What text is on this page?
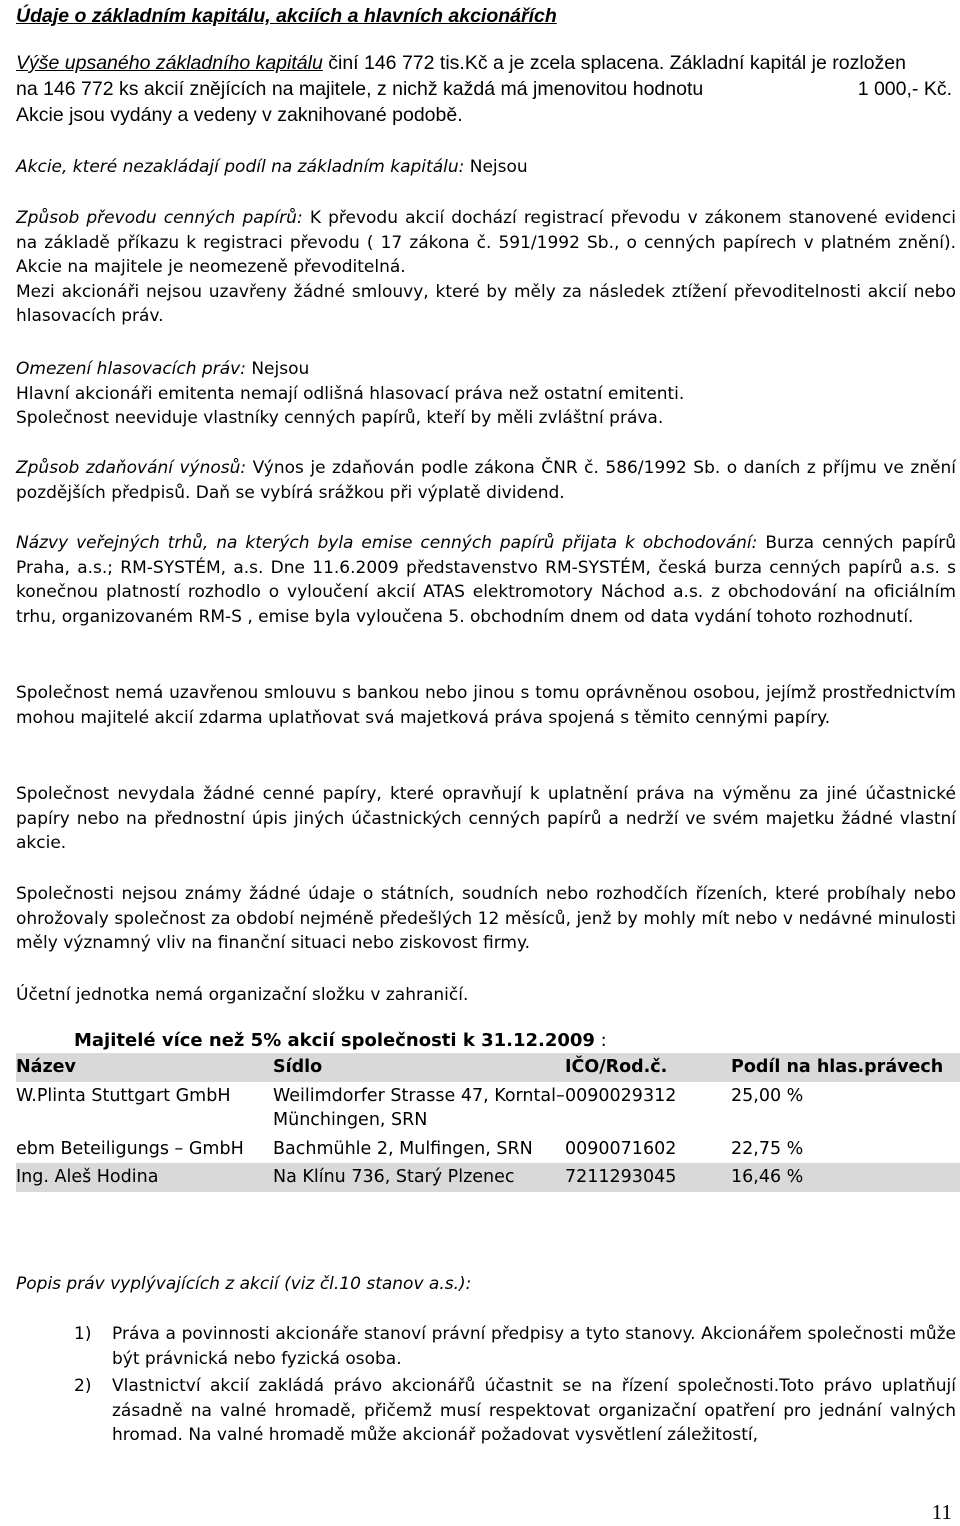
Údaje o základním kapitálu, akciích a hlavních akcionářích
Výše upsaného základního kapitálu činí 146 772 tis.Kč a je zcela splacena. Základní kapitál je rozložen
na 146 772 ks akcií znějících na majitele, z nichž každá má jmenovitou hodnotu	1 000,- Kč.
Akcie jsou vydány a vedeny v zaknihované podobě.

Akcie, které nezakládají podíl na základním kapitálu: Nejsou

Způsob převodu cenných papírů: K převodu akcií dochází registrací převodu v zákonem stanovené evidenci na základě příkazu k registraci převodu ( 17 zákona č. 591/1992 Sb., o cenných papírech v platném znění). Akcie na majitele je neomezeně převoditelná.

Mezi akcionáři nejsou uzavřeny žádné smlouvy, které by měly za následek ztížení převoditelnosti akcií nebo hlasovacích práv.

Omezení hlasovacích práv: Nejsou

Hlavní akcionáři emitenta nemají odlišná hlasovací práva než ostatní emitenti.

Společnost neeviduje vlastníky cenných papírů, kteří by měli zvláštní práva.

Způsob zdaňování výnosů: Výnos je zdaňován podle zákona ČNR č. 586/1992 Sb. o daních z příjmu ve znění pozdějších předpisů. Daň se vybírá srážkou při výplatě dividend.

Názvy veřejných trhů, na kterých byla emise cenných papírů přijata k obchodování: Burza cenných papírů Praha, a.s.; RM-SYSTÉM, a.s. Dne 11.6.2009 představenstvo RM-SYSTÉM, česká burza cenných papírů a.s. s konečnou platností rozhodlo o vyloučení akcií ATAS elektromotory Náchod a.s. z obchodování na oficiálním trhu, organizovaném RM-S , emise byla vyloučena 5. obchodním dnem od data vydání tohoto rozhodnutí.

Společnost nemá uzavřenou smlouvu s bankou nebo jinou s tomu oprávněnou osobou, jejímž prostřednictvím mohou majitelé akcií zdarma uplatňovat svá majetková práva spojená s těmito cennými papíry.

Společnost nevydala žádné cenné papíry, které opravňují k uplatnění práva na výměnu za jiné účastnické papíry nebo na přednostní úpis jiných účastnických cenných papírů a nedrží ve svém majetku žádné vlastní akcie.

Společnosti nejsou známy žádné údaje o státních, soudních nebo rozhodčích řízeních, které probíhaly nebo ohrožovaly společnost za období nejméně předešlých 12 měsíců, jenž by mohly mít nebo v nedávné minulosti měly významný vliv na finanční situaci nebo ziskovost firmy.

Účetní jednotka nemá organizační složku v zahraničí.

Majitelé více než 5% akcií společnosti k 31.12.2009 :
Název	Sídlo	IČO/Rod.č.	Podíl na hlas.právech
W.Plinta Stuttgart GmbH	Weilimdorfer Strasse 47, Korntal–Münchingen, SRN	0090029312	25,00 %
ebm Beteiligungs – GmbH	Bachmühle 2, Mulfingen, SRN	0090071602	22,75 %
Ing. Aleš Hodina	Na Klínu 736, Starý Plzenec	7211293045	16,46 %
Popis práv vyplývajících z akcií (viz čl.10 stanov a.s.):
1) Práva a povinnosti akcionáře stanoví právní předpisy a tyto stanovy. Akcionářem společnosti může být právnická nebo fyzická osoba.
2) Vlastnictví akcií zakládá právo akcionářů účastnit se na řízení společnosti.Toto právo uplatňují zásadně na valné hromadě, přičemž musí respektovat organizační opatření pro jednání valných hromad. Na valné hromadě může akcionář požadovat vysvětlení záležitostí,
11
